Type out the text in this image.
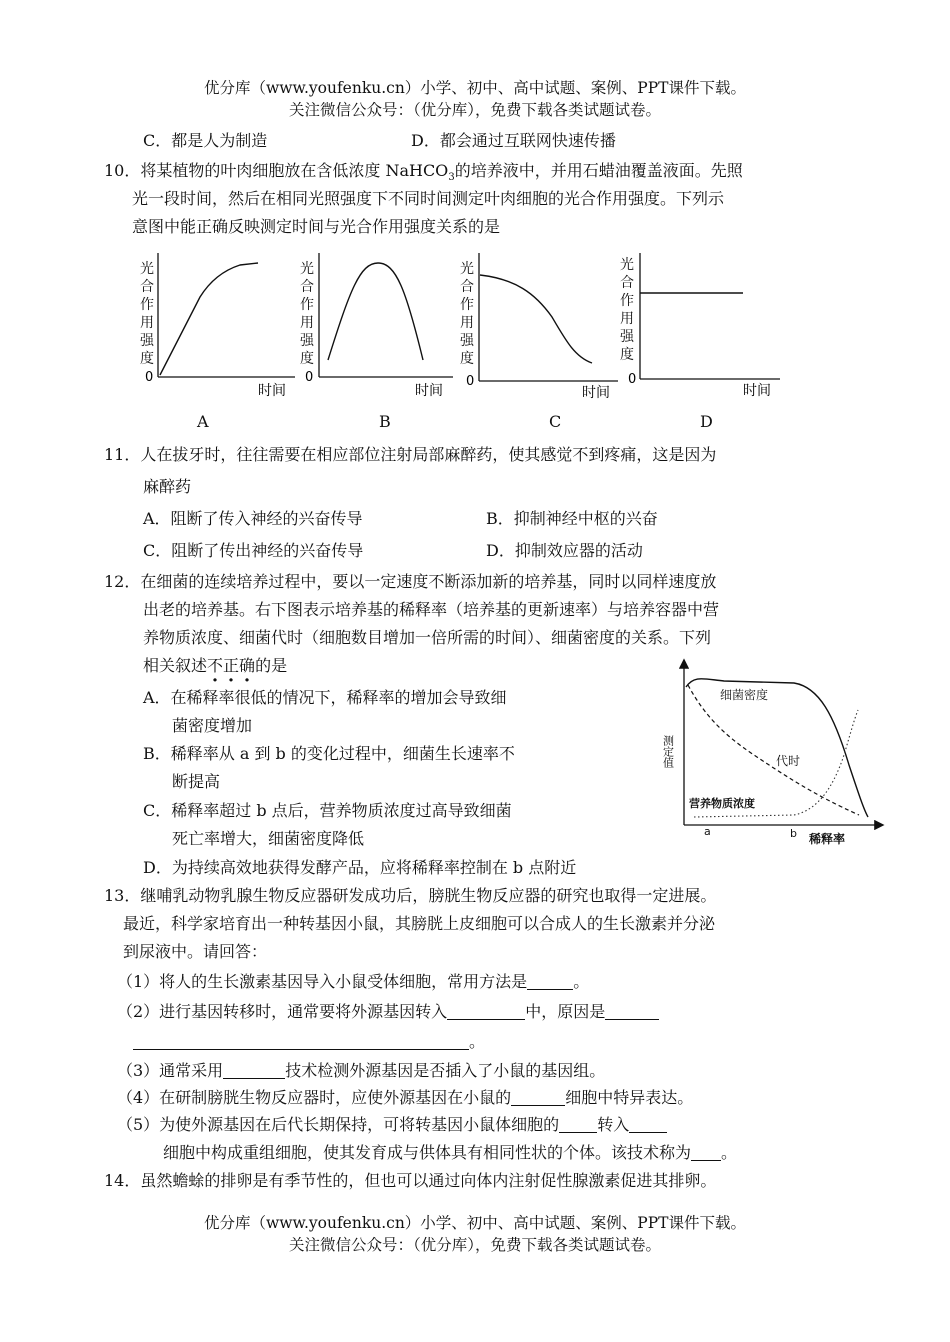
优分库（www.youfenku.cn）小学、初中、高中试题、案例、PPT课件下载。
关注微信公众号：（优分库），免费下载各类试题试卷。
C．都是人为制造	D．都会通过互联网快速传播
10．将某植物的叶肉细胞放在含低浓度 NaHCO$_3$的培养液中，并用石蜡油覆盖液面。先照
光一段时间，然后在相同光照强度下不同时间测定叶肉细胞的光合作用强度。下列示
意图中能正确反映测定时间与光合作用强度关系的是
光
合
作
用
强
度
0
时间
光
合
作
用
强
度
0
时间
光
合
作
用
强
度
0
时间
光
合
作
用
强
度
0
时间
A	B	C	D
11．人在拔牙时，往往需要在相应部位注射局部麻醉药，使其感觉不到疼痛，这是因为
麻醉药
A．阻断了传入神经的兴奋传导	B．抑制神经中枢的兴奋
C．阻断了传出神经的兴奋传导	D．抑制效应器的活动
12．在细菌的连续培养过程中，要以一定速度不断添加新的培养基，同时以同样速度放
出老的培养基。右下图表示培养基的稀释率（培养基的更新速率）与培养容器中营
养物质浓度、细菌代时（细胞数目增加一倍所需的时间）、细菌密度的关系。下列
相关叙述不正确的是
A．在稀释率很低的情况下，稀释率的增加会导致细
菌密度增加
B．稀释率从 a 到 b 的变化过程中，细菌生长速率不
断提高
C．稀释率超过 b 点后，营养物质浓度过高导致细菌
死亡率增大，细菌密度降低
D．为持续高效地获得发酵产品，应将稀释率控制在 b 点附近
测定值
稀释率
a	b
细菌密度
代时
营养物质浓度
13．继哺乳动物乳腺生物反应器研发成功后，膀胱生物反应器的研究也取得一定进展。
最近，科学家培育出一种转基因小鼠，其膀胱上皮细胞可以合成人的生长激素并分泌
到尿液中。请回答：
（1）将人的生长激素基因导入小鼠受体细胞，常用方法是	。
（2）进行基因转移时，通常要将外源基因转入	中，原因是
。
（3）通常采用	技术检测外源基因是否插入了小鼠的基因组。
（4）在研制膀胱生物反应器时，应使外源基因在小鼠的	细胞中特异表达。
（5）为使外源基因在后代长期保持，可将转基因小鼠体细胞的 转入
细胞中构成重组细胞，使其发育成与供体具有相同性状的个体。该技术称为 。
14．虽然蟾蜍的排卵是有季节性的，但也可以通过向体内注射促性腺激素促进其排卵。
优分库（www.youfenku.cn）小学、初中、高中试题、案例、PPT课件下载。
关注微信公众号：（优分库），免费下载各类试题试卷。
